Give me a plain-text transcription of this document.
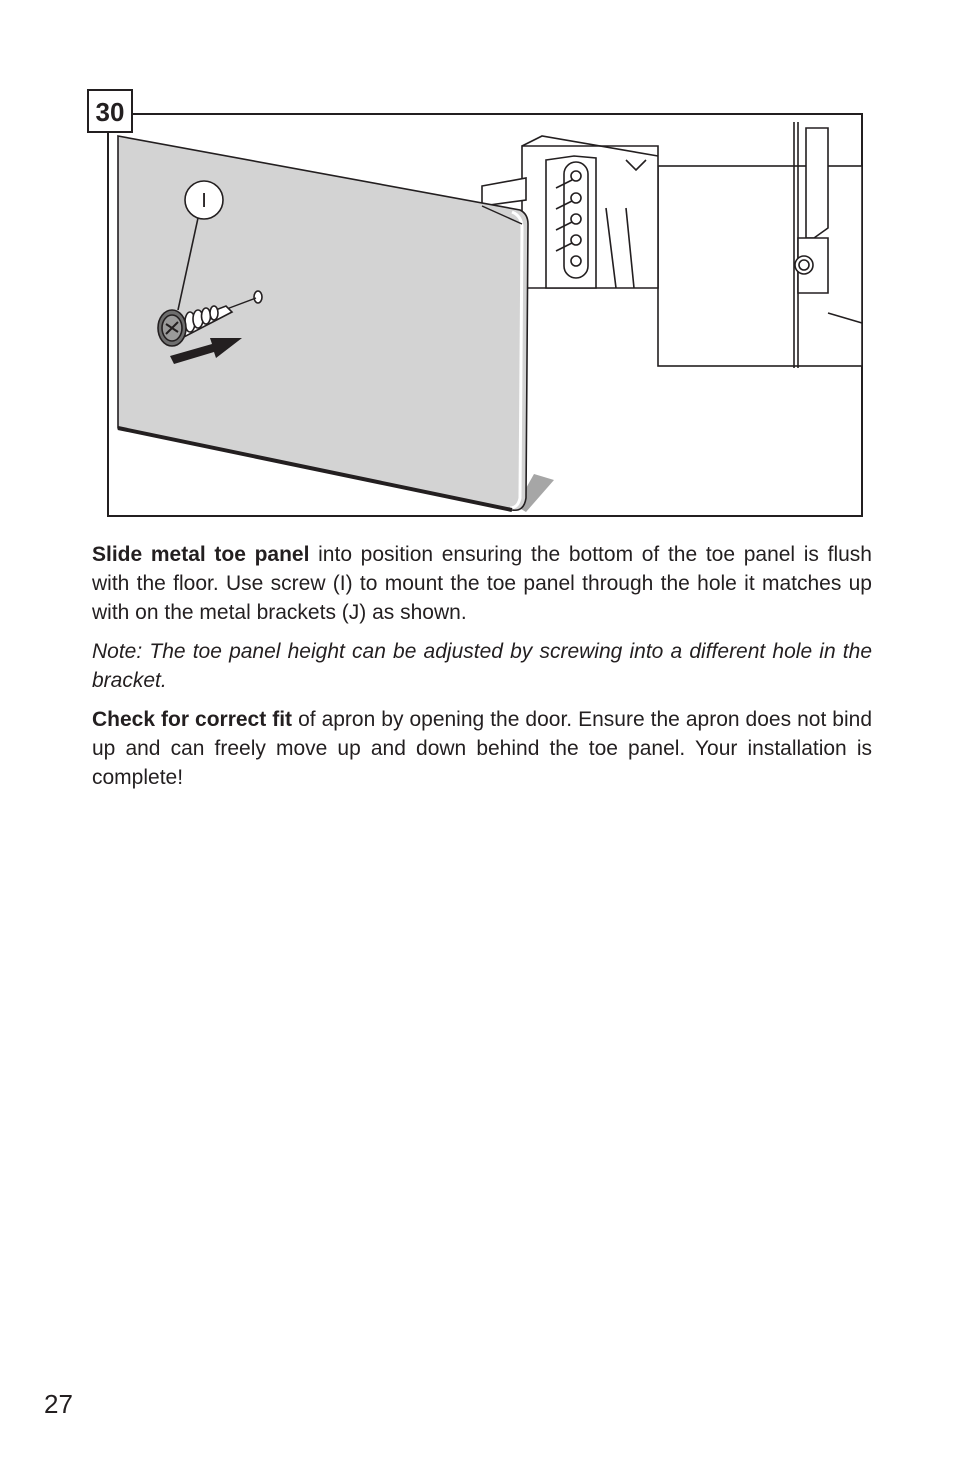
30
I

Slide metal toe panel into position ensuring the bottom of the toe panel is flush with the floor. Use screw (I) to mount the toe panel through the hole it matches up with on the metal brackets (J) as shown.

Note: The toe panel height can be adjusted by screwing into a different hole in the bracket.

Check for correct fit of apron by opening the door. Ensure the apron does not bind up and can freely move up and down behind the toe panel. Your installation is complete!

27
